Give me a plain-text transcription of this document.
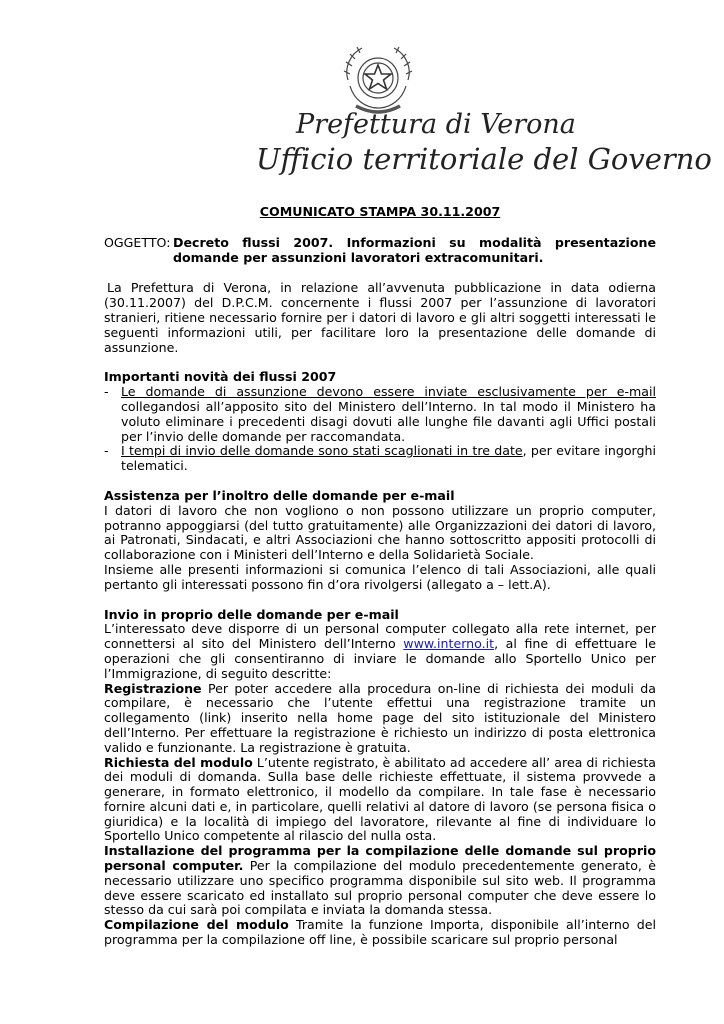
Prefettura di Verona
Ufficio territoriale del Governo
COMUNICATO STAMPA 30.11.2007
OGGETTO: Decreto flussi 2007. Informazioni su modalità presentazione domande per assunzioni lavoratori extracomunitari.

La Prefettura di Verona, in relazione all’avvenuta pubblicazione in data odierna (30.11.2007) del D.P.C.M. concernente i flussi 2007 per l’assunzione di lavoratori stranieri, ritiene necessario fornire per i datori di lavoro e gli altri soggetti interessati le seguenti informazioni utili, per facilitare loro la presentazione delle domande di assunzione.

Importanti novità dei flussi 2007
- Le domande di assunzione devono essere inviate esclusivamente per e-mail collegandosi all’apposito sito del Ministero dell’Interno. In tal modo il Ministero ha voluto eliminare i precedenti disagi dovuti alle lunghe file davanti agli Uffici postali per l’invio delle domande per raccomandata.
- I tempi di invio delle domande sono stati scaglionati in tre date, per evitare ingorghi telematici.
Assistenza per l’inoltro delle domande per e-mail

I datori di lavoro che non vogliono o non possono utilizzare un proprio computer, potranno appoggiarsi (del tutto gratuitamente) alle Organizzazioni dei datori di lavoro, ai Patronati, Sindacati, e altri Associazioni che hanno sottoscritto appositi protocolli di collaborazione con i Ministeri dell’Interno e della Solidarietà Sociale.

Insieme alle presenti informazioni si comunica l’elenco di tali Associazioni, alle quali pertanto gli interessati possono fin d’ora rivolgersi (allegato a – lett.A).

Invio in proprio delle domande per e-mail

L’interessato deve disporre di un personal computer collegato alla rete internet, per connettersi al sito del Ministero dell’Interno www.interno.it, al fine di effettuare le operazioni che gli consentiranno di inviare le domande allo Sportello Unico per l’Immigrazione, di seguito descritte:

Registrazione Per poter accedere alla procedura on-line di richiesta dei moduli da compilare, è necessario che l’utente effettui una registrazione tramite un collegamento (link) inserito nella home page del sito istituzionale del Ministero dell’Interno. Per effettuare la registrazione è richiesto un indirizzo di posta elettronica valido e funzionante. La registrazione è gratuita.

Richiesta del modulo L’utente registrato, è abilitato ad accedere all’ area di richiesta dei moduli di domanda. Sulla base delle richieste effettuate, il sistema provvede a generare, in formato elettronico, il modello da compilare. In tale fase è necessario fornire alcuni dati e, in particolare, quelli relativi al datore di lavoro (se persona fisica o giuridica) e la località di impiego del lavoratore, rilevante al fine di individuare lo Sportello Unico competente al rilascio del nulla osta.

Installazione del programma per la compilazione delle domande sul proprio personal computer. Per la compilazione del modulo precedentemente generato, è necessario utilizzare uno specifico programma disponibile sul sito web. Il programma deve essere scaricato ed installato sul proprio personal computer che deve essere lo stesso da cui sarà poi compilata e inviata la domanda stessa.

Compilazione del modulo Tramite la funzione Importa, disponibile all’interno del programma per la compilazione off line, è possibile scaricare sul proprio personal
